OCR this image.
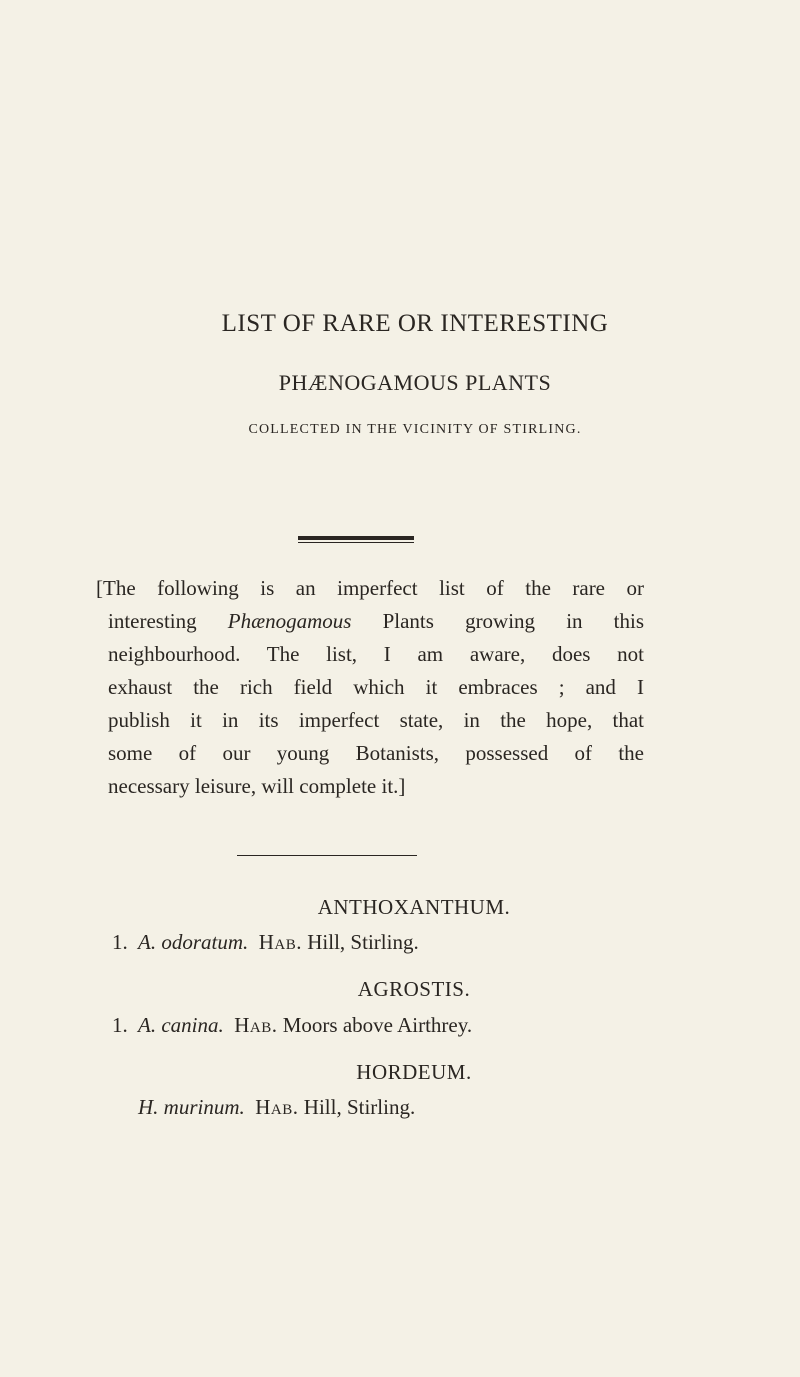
LIST OF RARE OR INTERESTING
PHÆNOGAMOUS PLANTS
COLLECTED IN THE VICINITY OF STIRLING.
[The following is an imperfect list of the rare or
interesting Phænogamous Plants growing in this
neighbourhood. The list, I am aware, does not
exhaust the rich field which it embraces ; and I
publish it in its imperfect state, in the hope, that
some of our young Botanists, possessed of the
necessary leisure, will complete it.]
ANTHOXANTHUM.
1. A. odoratum. Hab. Hill, Stirling.
AGROSTIS.
1. A. canina. Hab. Moors above Airthrey.
HORDEUM.
H. murinum. Hab. Hill, Stirling.
